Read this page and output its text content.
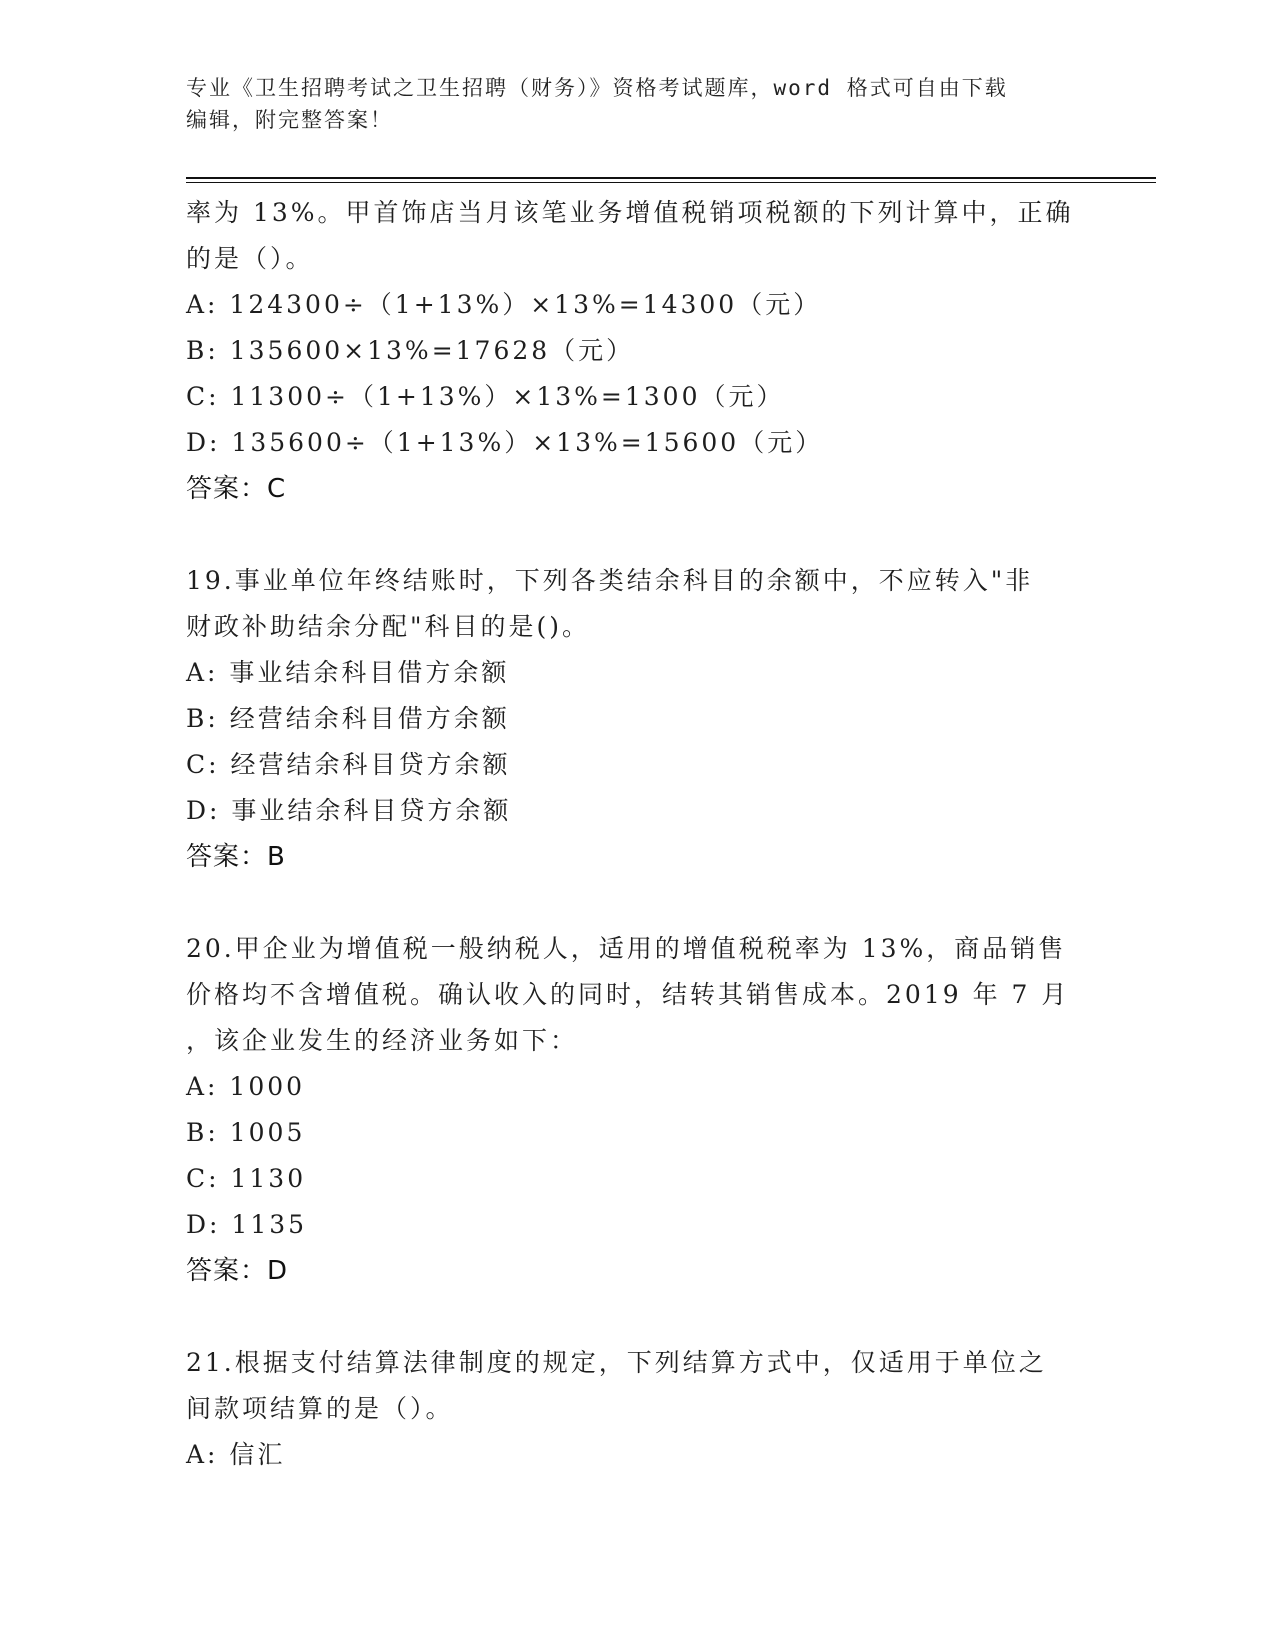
专业《卫生招聘考试之卫生招聘（财务）》资格考试题库，word 格式可自由下载
编辑，附完整答案！
率为 13%。甲首饰店当月该笔业务增值税销项税额的下列计算中，正确
的是（）。
A: 124300÷（1+13%）×13%=14300（元）
B: 135600×13%=17628（元）
C: 11300÷（1+13%）×13%=1300（元）
D: 135600÷（1+13%）×13%=15600（元）
答案：C
19.事业单位年终结账时，下列各类结余科目的余额中，不应转入"非
财政补助结余分配"科目的是()。
A: 事业结余科目借方余额
B: 经营结余科目借方余额
C: 经营结余科目贷方余额
D: 事业结余科目贷方余额
答案：B
20.甲企业为增值税一般纳税人，适用的增值税税率为 13%，商品销售
价格均不含增值税。确认收入的同时，结转其销售成本。2019 年 7 月
，该企业发生的经济业务如下：
A: 1000
B: 1005
C: 1130
D: 1135
答案：D
21.根据支付结算法律制度的规定，下列结算方式中，仅适用于单位之
间款项结算的是（）。
A: 信汇
